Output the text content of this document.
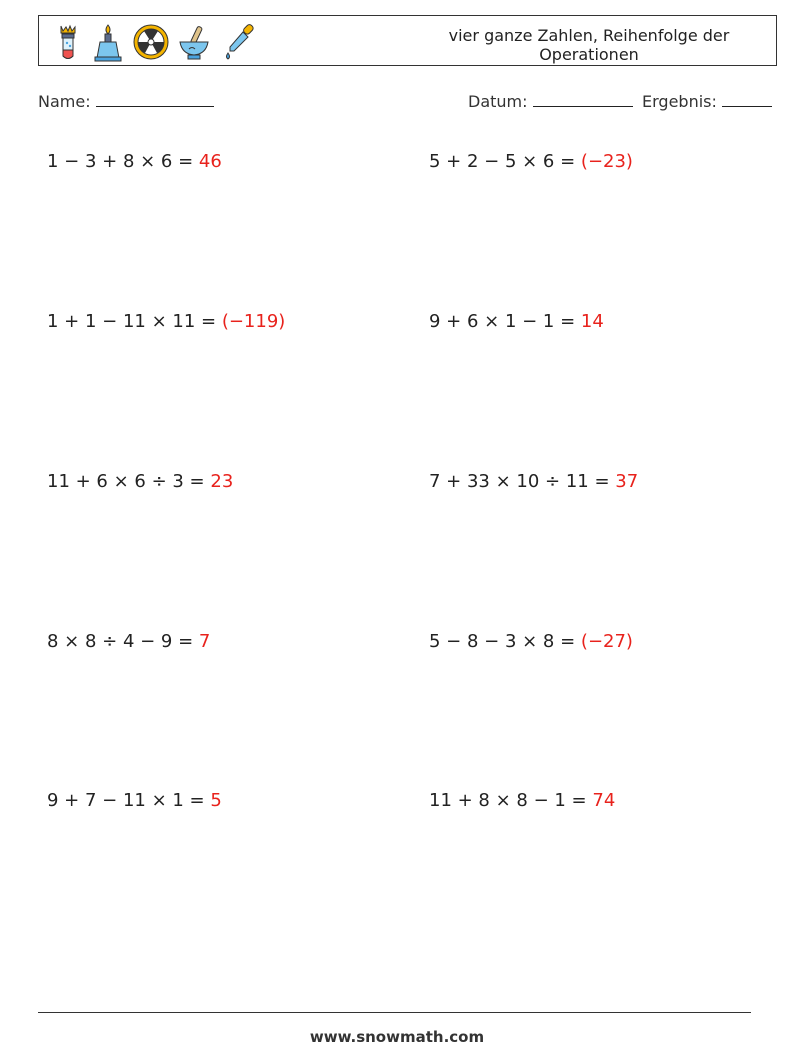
vier ganze Zahlen, Reihenfolge der Operationen
Name:	Datum:	Ergebnis:
1 − 3 + 8 × 6 = 46	5 + 2 − 5 × 6 = (−23)
1 + 1 − 11 × 11 = (−119)	9 + 6 × 1 − 1 = 14
11 + 6 × 6 ÷ 3 = 23	7 + 33 × 10 ÷ 11 = 37
8 × 8 ÷ 4 − 9 = 7	5 − 8 − 3 × 8 = (−27)
9 + 7 − 11 × 1 = 5	11 + 8 × 8 − 1 = 74
www.snowmath.com
